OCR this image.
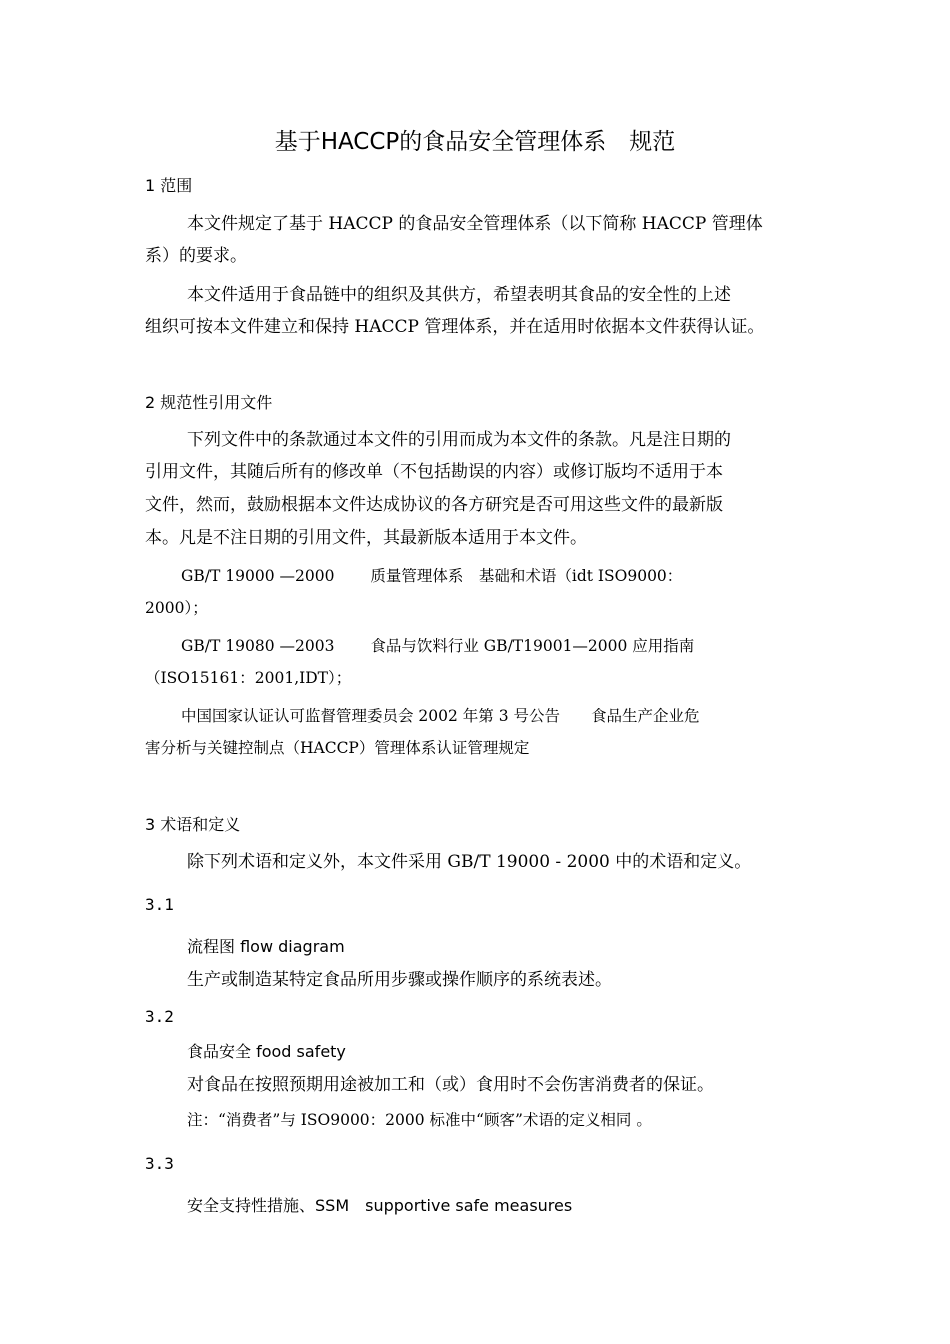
基于HACCP的食品安全管理体系　规范
1 范围
本文件规定了基于 HACCP 的食品安全管理体系（以下简称 HACCP 管理体
系）的要求。
本文件适用于食品链中的组织及其供方，希望表明其食品的安全性的上述
组织可按本文件建立和保持 HACCP 管理体系，并在适用时依据本文件获得认证。
2 规范性引用文件
下列文件中的条款通过本文件的引用而成为本文件的条款。凡是注日期的
引用文件，其随后所有的修改单（不包括勘误的内容）或修订版均不适用于本
文件，然而，鼓励根据本文件达成协议的各方研究是否可用这些文件的最新版
本。凡是不注日期的引用文件，其最新版本适用于本文件。
GB/T 19000 —2000　　 质量管理体系　基础和术语（idt ISO9000：
2000）；
GB/T 19080 —2003　　 食品与饮料行业 GB/T19001—2000 应用指南
（ISO15161：2001,IDT）；
中国国家认证认可监督管理委员会 2002 年第 3 号公告　　食品生产企业危
害分析与关键控制点（HACCP）管理体系认证管理规定
3 术语和定义
除下列术语和定义外，本文件采用 GB/T 19000 - 2000 中的术语和定义。
3.1
流程图 flow diagram
生产或制造某特定食品所用步骤或操作顺序的系统表述。
3.2
食品安全 food safety
对食品在按照预期用途被加工和（或）食用时不会伤害消费者的保证。
注：“消费者”与 ISO9000：2000 标准中“顾客”术语的定义相同 。
3.3
安全支持性措施、SSM　supportive safe measures
